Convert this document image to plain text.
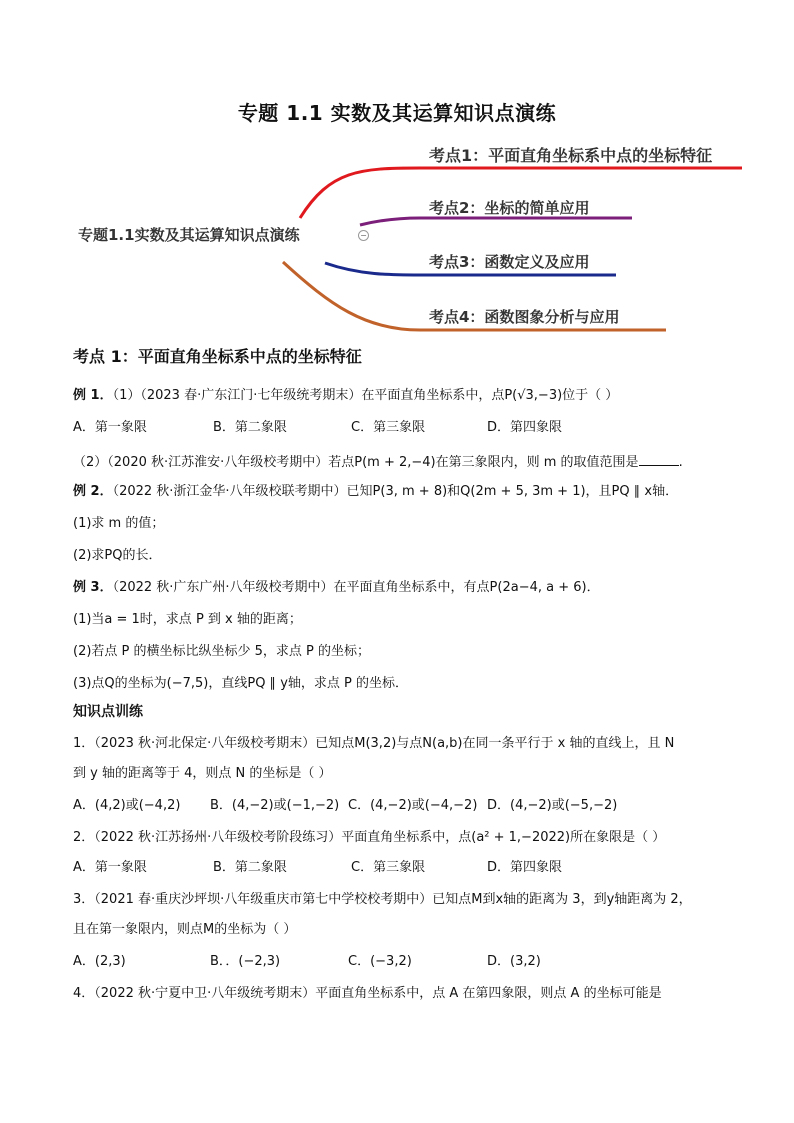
专题 1.1 实数及其运算知识点演练
专题1.1实数及其运算知识点演练	−
考点1：平面直角坐标系中点的坐标特征
考点2：坐标的简单应用
考点3：函数定义及应用
考点4：函数图象分析与应用
考点 1：平面直角坐标系中点的坐标特征
例 1．（1）（2023 春·广东江门·七年级统考期末）在平面直角坐标系中，点P(√3,−3)位于（ ）
A．第一象限	B．第二象限	C．第三象限	D．第四象限
（2）（2020 秋·江苏淮安·八年级校考期中）若点P(m + 2,−4)在第三象限内，则 m 的取值范围是	.
例 2．（2022 秋·浙江金华·八年级校联考期中）已知P(3, m + 8)和Q(2m + 5, 3m + 1)，且PQ ∥ x轴．
(1)求 m 的值；
(2)求PQ的长．
例 3．（2022 秋·广东广州·八年级校考期中）在平面直角坐标系中，有点P(2a−4, a + 6)．
(1)当a = 1时，求点 P 到 x 轴的距离；
(2)若点 P 的横坐标比纵坐标少 5，求点 P 的坐标；
(3)点Q的坐标为(−7,5)，直线PQ ∥ y轴，求点 P 的坐标．
知识点训练
1．（2023 秋·河北保定·八年级校考期末）已知点M(3,2)与点N(a,b)在同一条平行于 x 轴的直线上，且 N
到 y 轴的距离等于 4，则点 N 的坐标是（ ）
A．(4,2)或(−4,2) B．(4,−2)或(−1,−2) C．(4,−2)或(−4,−2) D．(4,−2)或(−5,−2)
2．（2022 秋·江苏扬州·八年级校考阶段练习）平面直角坐标系中，点(a² + 1,−2022)所在象限是（ ）
A．第一象限	B．第二象限	C．第三象限	D．第四象限
3．（2021 春·重庆沙坪坝·八年级重庆市第七中学校校考期中）已知点M到x轴的距离为 3，到y轴距离为 2，
且在第一象限内，则点M的坐标为（ ）
A．(2,3)	B．．(−2,3)	C．(−3,2)	D．(3,2)
4．（2022 秋·宁夏中卫·八年级统考期末）平面直角坐标系中，点 A 在第四象限，则点 A 的坐标可能是
